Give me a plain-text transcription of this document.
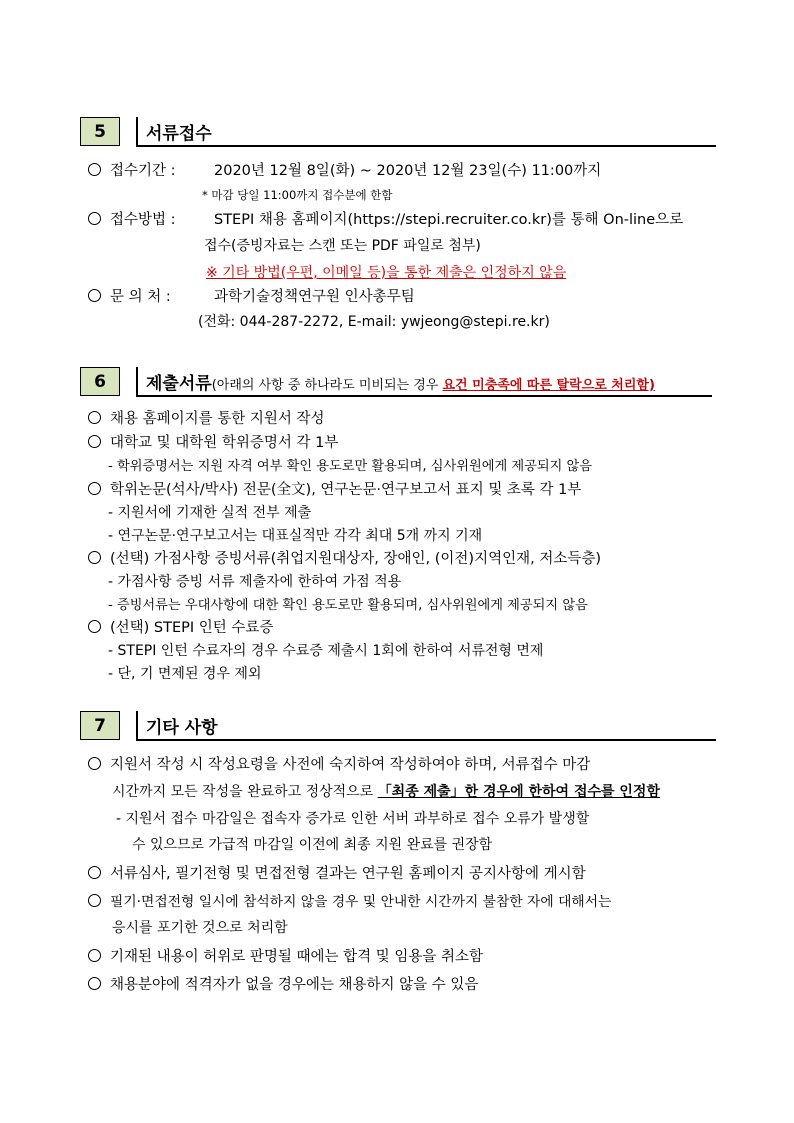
5	서류접수
접수기간 :	2020년 12월 8일(화) ~ 2020년 12월 23일(수) 11:00까지
* 마감 당일 11:00까지 접수분에 한함
접수방법 :	STEPI 채용 홈페이지(https://stepi.recruiter.co.kr)를 통해 On-line으로
접수(증빙자료는 스캔 또는 PDF 파일로 첨부)
※ 기타 방법(우편, 이메일 등)을 통한 제출은 인정하지 않음
문 의 처 :	과학기술정책연구원 인사총무팀
(전화: 044-287-2272, E-mail: ywjeong@stepi.re.kr)
6	제출서류(아래의 사항 중 하나라도 미비되는 경우 요건 미충족에 따른 탈락으로 처리함)
채용 홈페이지를 통한 지원서 작성
대학교 및 대학원 학위증명서 각 1부
- 학위증명서는 지원 자격 여부 확인 용도로만 활용되며, 심사위원에게 제공되지 않음
학위논문(석사/박사) 전문(全文), 연구논문·연구보고서 표지 및 초록 각 1부
- 지원서에 기재한 실적 전부 제출
- 연구논문·연구보고서는 대표실적만 각각 최대 5개 까지 기재
(선택) 가점사항 증빙서류(취업지원대상자, 장애인, (이전)지역인재, 저소득층)
- 가점사항 증빙 서류 제출자에 한하여 가점 적용
- 증빙서류는 우대사항에 대한 확인 용도로만 활용되며, 심사위원에게 제공되지 않음
(선택) STEPI 인턴 수료증
- STEPI 인턴 수료자의 경우 수료증 제출시 1회에 한하여 서류전형 면제
- 단, 기 면제된 경우 제외
7	기타 사항
지원서 작성 시 작성요령을 사전에 숙지하여 작성하여야 하며, 서류접수 마감
시간까지 모든 작성을 완료하고 정상적으로 「최종 제출」한 경우에 한하여 접수를 인정함
- 지원서 접수 마감일은 접속자 증가로 인한 서버 과부하로 접수 오류가 발생할
수 있으므로 가급적 마감일 이전에 최종 지원 완료를 권장함
서류심사, 필기전형 및 면접전형 결과는 연구원 홈페이지 공지사항에 게시함
필기·면접전형 일시에 참석하지 않을 경우 및 안내한 시간까지 불참한 자에 대해서는
응시를 포기한 것으로 처리함
기재된 내용이 허위로 판명될 때에는 합격 및 임용을 취소함
채용분야에 적격자가 없을 경우에는 채용하지 않을 수 있음
